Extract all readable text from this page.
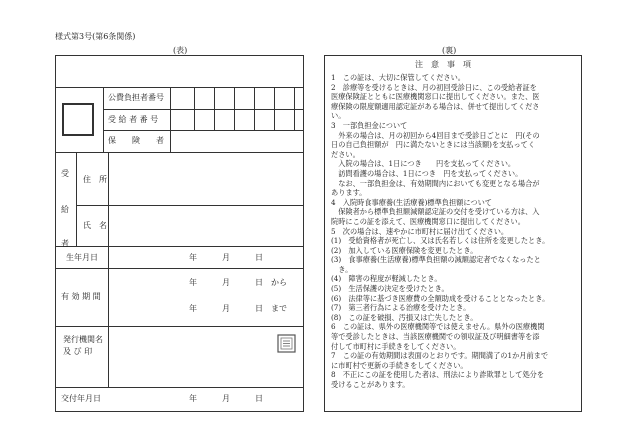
様式第3号(第6条関係)
(表)	(裏)
公費負担者番号
受 給 者 番 号
保　　険　　者
受
給
者
住　所
氏　名
生年月日	年	月	日
有 効 期 間
年	月	日 から
年	月	日 まで
発行機関名
及 び 印
交付年月日	年	月	日
注　意　事　項
1　この証は、大切に保管してください。
2　診療等を受けるときは、月の初回受診日に、この受給者証を
医療保険証とともに医療機関窓口に提出してください。また、医
療保険の限度額適用認定証がある場合は、併せて提出してくださ
い。
3　一部負担金について
　外来の場合は、月の初回から4回目まで受診日ごとに　円(その
日の自己負担額が　円に満たないときには当該額)を支払ってく
ださい。
　入院の場合は、1日につき　　円を支払ってください。
　訪問看護の場合は、1日につき　円を支払ってください。
　なお、一部負担金は、有効期間内においても変更となる場合が
あります。
4　入院時食事療養(生活療養)標準負担額について
　保険者から標準負担額減額認定証の交付を受けている方は、入
院時にこの証を添えて、医療機関窓口に提出してください。
5　次の場合は、速やかに市町村に届け出てください。
(1)　受給資格者が死亡し、又は氏名若しくは住所を変更したとき。
(2)　加入している医療保険を変更したとき。
(3)　食事療養(生活療養)標準負担額の減額認定者でなくなったと
　き。
(4)　障害の程度が軽減したとき。
(5)　生活保護の決定を受けたとき。
(6)　法律等に基づき医療費の全額助成を受けることとなったとき。
(7)　第三者行為による治療を受けたとき。
(8)　この証を破損、汚損又は亡失したとき。
6　この証は、県外の医療機関等では使えません。県外の医療機関
等で受診したときは、当該医療機関での領収証及び明細書等を添
付して市町村に手続きをしてください。
7　この証の有効期間は表面のとおりです。期間満了の1か月前まで
に市町村で更新の手続きをしてください。
8　不正にこの証を使用した者は、刑法により詐欺罪として処分を
受けることがあります。
